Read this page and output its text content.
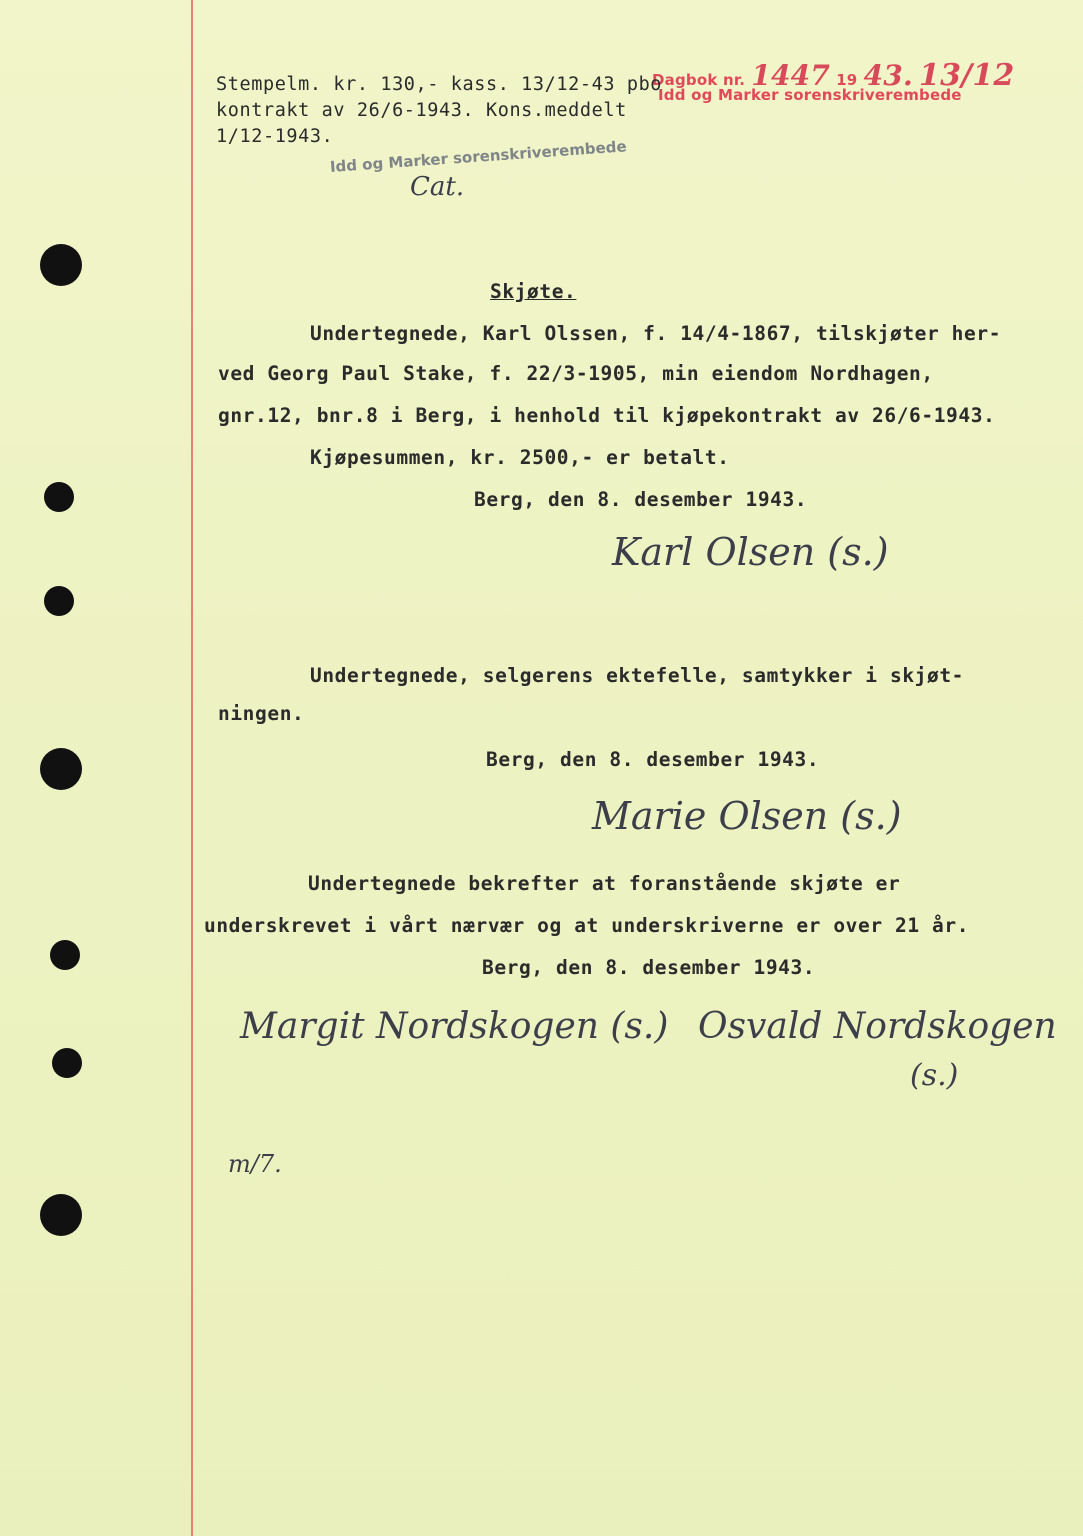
Dagbok nr. 1447 19 43. 13/12
Idd og Marker sorenskriverembede
Stempelm. kr. 130,- kass. 13/12-43 pbo
kontrakt av 26/6-1943. Kons.meddelt
1/12-1943.
Idd og Marker sorenskriverembede
Cat.
Skjøte.
Undertegnede, Karl Olssen, f. 14/4-1867, tilskjøter her-
ved Georg Paul Stake, f. 22/3-1905, min eiendom Nordhagen,
gnr.12, bnr.8 i Berg, i henhold til kjøpekontrakt av 26/6-1943.
Kjøpesummen, kr. 2500,- er betalt.
Berg, den 8. desember 1943.
Karl Olsen (s.)
Undertegnede, selgerens ektefelle, samtykker i skjøt-
ningen.
Berg, den 8. desember 1943.
Marie Olsen (s.)
Undertegnede bekrefter at foranstående skjøte er
underskrevet i vårt nærvær og at underskriverne er over 21 år.
Berg, den 8. desember 1943.
Margit Nordskogen (s.) Osvald Nordskogen
(s.)
m/7.
